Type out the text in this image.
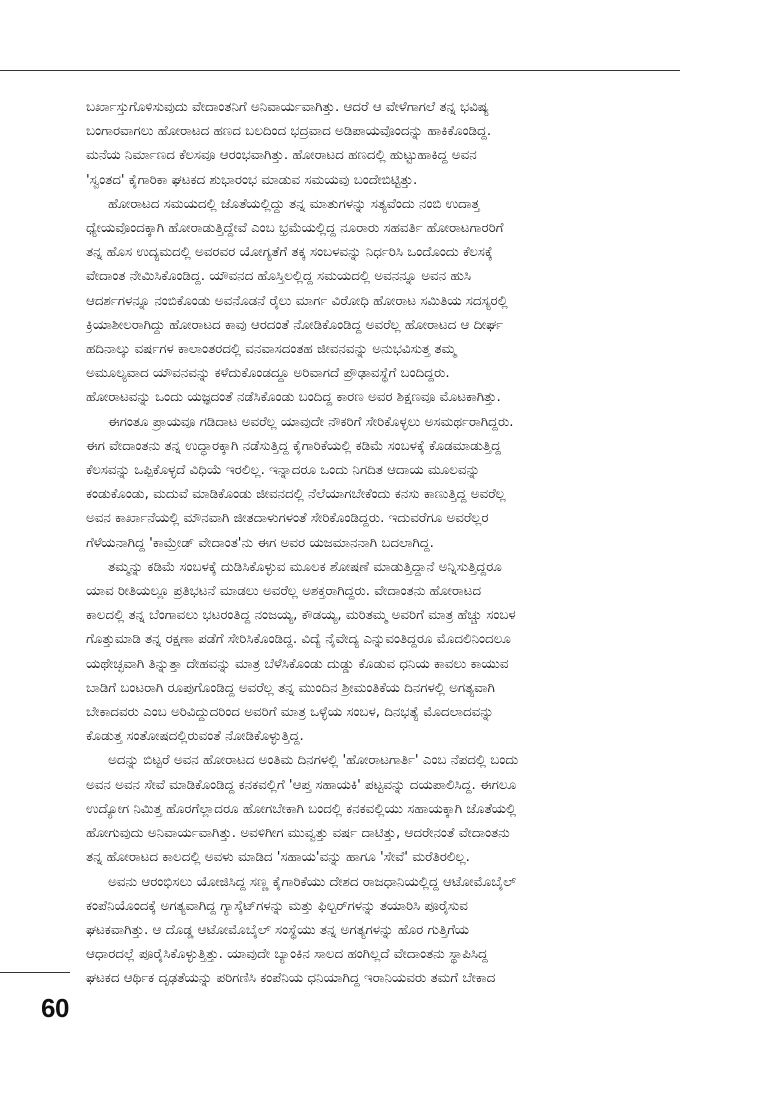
ಬರ್ಖಾಸ್ತುಗೊಳಿಸುವುದು ವೇದಾಂತನಿಗೆ ಅನಿವಾರ್ಯವಾಗಿತ್ತು. ಆದರೆ ಆ ವೇಳೆಗಾಗಲೆ ತನ್ನ ಭವಿಷ್ಯ
ಬಂಗಾರವಾಗಲು ಹೋರಾಟದ ಹಣದ ಬಲದಿಂದ ಭದ್ರವಾದ ಅಡಿಪಾಯವೊಂದನ್ನು ಹಾಕಿಕೊಂಡಿದ್ದ.
ಮನೆಯ ನಿರ್ಮಾಣದ ಕೆಲಸವೂ ಆರಂಭವಾಗಿತ್ತು. ಹೋರಾಟದ ಹಣದಲ್ಲಿ ಹುಟ್ಟುಹಾಕಿದ್ದ ಅವನ
'ಸ್ವಂತದ' ಕೈಗಾರಿಕಾ ಘಟಕದ ಶುಭಾರಂಭ ಮಾಡುವ ಸಮಯವು ಬಂದೇಬಿಟ್ಟಿತ್ತು.
ಹೋರಾಟದ ಸಮಯದಲ್ಲಿ ಜೊತೆಯಲ್ಲಿದ್ದು ತನ್ನ ಮಾತುಗಳನ್ನು ಸತ್ಯವೆಂದು ನಂಬಿ ಉದಾತ್ತ
ಧ್ಯೇಯವೊಂದಕ್ಕಾಗಿ ಹೋರಾಡುತ್ತಿದ್ದೇವೆ ಎಂಬ ಭ್ರಮೆಯಲ್ಲಿದ್ದ ನೂರಾರು ಸಹವರ್ತಿ ಹೋರಾಟಗಾರರಿಗೆ
ತನ್ನ ಹೊಸ ಉದ್ಯಮದಲ್ಲಿ ಅವರವರ ಯೋಗ್ಯತೆಗೆ ತಕ್ಕ ಸಂಬಳವನ್ನು ನಿರ್ಧರಿಸಿ ಒಂದೊಂದು ಕೆಲಸಕ್ಕೆ
ವೇದಾಂತ ನೇಮಿಸಿಕೊಂಡಿದ್ದ. ಯೌವನದ ಹೊಸ್ತಿಲಲ್ಲಿದ್ದ ಸಮಯದಲ್ಲಿ ಅವನನ್ನೂ ಅವನ ಹುಸಿ
ಆದರ್ಶಗಳನ್ನೂ ನಂಬಿಕೊಂಡು ಅವನೊಡನೆ ರೈಲು ಮಾರ್ಗ ವಿರೋಧಿ ಹೋರಾಟ ಸಮಿತಿಯ ಸದಸ್ಯರಲ್ಲಿ
ಕ್ರಿಯಾಶೀಲರಾಗಿದ್ದು ಹೋರಾಟದ ಕಾವು ಆರದಂತೆ ನೋಡಿಕೊಂಡಿದ್ದ ಅವರೆಲ್ಲ ಹೋರಾಟದ ಆ ದೀರ್ಘ
ಹದಿನಾಲ್ಕು ವರ್ಷಗಳ ಕಾಲಾಂತರದಲ್ಲಿ ವನವಾಸದಂತಹ ಜೀವನವನ್ನು ಅನುಭವಿಸುತ್ತ ತಮ್ಮ
ಅಮೂಲ್ಯವಾದ ಯೌವನವನ್ನು ಕಳೆದುಕೊಂಡದ್ದೂ ಅರಿವಾಗದೆ ಪ್ರೌಢಾವಸ್ಥೆಗೆ ಬಂದಿದ್ದರು.
ಹೋರಾಟವನ್ನು ಒಂದು ಯಜ್ಞದಂತೆ ನಡೆಸಿಕೊಂಡು ಬಂದಿದ್ದ ಕಾರಣ ಅವರ ಶಿಕ್ಷಣವೂ ಮೊಟಕಾಗಿತ್ತು.
ಈಗಂತೂ ಪ್ರಾಯವೂ ಗಡಿದಾಟ ಅವರೆಲ್ಲ ಯಾವುದೇ ನೌಕರಿಗೆ ಸೇರಿಕೊಳ್ಳಲು ಅಸಮರ್ಥರಾಗಿದ್ದರು.
ಈಗ ವೇದಾಂತನು ತನ್ನ ಉದ್ಧಾರಕ್ಕಾಗಿ ನಡೆಸುತ್ತಿದ್ದ ಕೈಗಾರಿಕೆಯಲ್ಲಿ ಕಡಿಮೆ ಸಂಬಳಕ್ಕೆ ಕೊಡಮಾಡುತ್ತಿದ್ದ
ಕೆಲಸವನ್ನು ಒಪ್ಪಿಕೊಳ್ಳದೆ ವಿಧಿಯೆ ಇರಲಿಲ್ಲ. ಇನ್ನಾದರೂ ಒಂದು ನಿಗದಿತ ಆದಾಯ ಮೂಲವನ್ನು
ಕಂಡುಕೊಂಡು, ಮದುವೆ ಮಾಡಿಕೊಂಡು ಜೀವನದಲ್ಲಿ ನೆಲೆಯಾಗಬೇಕೆಂದು ಕನಸು ಕಾಣುತ್ತಿದ್ದ ಅವರೆಲ್ಲ
ಅವನ ಕಾರ್ಖಾನೆಯಲ್ಲಿ ಮೌನವಾಗಿ ಜೀತದಾಳುಗಳಂತೆ ಸೇರಿಕೊಂಡಿದ್ದರು. ಇದುವರೆಗೂ ಅವರೆಲ್ಲರ
ಗೆಳೆಯನಾಗಿದ್ದ 'ಕಾಮ್ರೇಡ್ ವೇದಾಂತ'ನು ಈಗ ಅವರ ಯಜಮಾನನಾಗಿ ಬದಲಾಗಿದ್ದ.
ತಮ್ಮನ್ನು ಕಡಿಮೆ ಸಂಬಳಕ್ಕೆ ದುಡಿಸಿಕೊಳ್ಳುವ ಮೂಲಕ ಶೋಷಣೆ ಮಾಡುತ್ತಿದ್ದಾನೆ ಅನ್ನಿಸುತ್ತಿದ್ದರೂ
ಯಾವ ರೀತಿಯಲ್ಲೂ ಪ್ರತಿಭಟನೆ ಮಾಡಲು ಅವರೆಲ್ಲ ಅಶಕ್ತರಾಗಿದ್ದರು. ವೇದಾಂತನು ಹೋರಾಟದ
ಕಾಲದಲ್ಲಿ ತನ್ನ ಬೆಂಗಾವಲು ಭಟರಂತಿದ್ದ ನಂಜಯ್ಯ, ಕೌಡಯ್ಯ, ಮರಿತಮ್ಮ ಅವರಿಗೆ ಮಾತ್ರ ಹೆಚ್ಚು ಸಂಬಳ
ಗೊತ್ತುಮಾಡಿ ತನ್ನ ರಕ್ಷಣಾ ಪಡೆಗೆ ಸೇರಿಸಿಕೊಂಡಿದ್ದ. ವಿದ್ಯೆ ನೈವೇದ್ಯ ಎನ್ನುವಂತಿದ್ದರೂ ಮೊದಲಿನಿಂದಲೂ
ಯಥೇಚ್ಛವಾಗಿ ತಿನ್ನುತ್ತಾ ದೇಹವನ್ನು ಮಾತ್ರ ಬೆಳೆಸಿಕೊಂಡು ದುಡ್ಡು ಕೊಡುವ ಧನಿಯ ಕಾವಲು ಕಾಯುವ
ಬಾಡಿಗೆ ಬಂಟರಾಗಿ ರೂಪುಗೊಂಡಿದ್ದ ಅವರೆಲ್ಲ ತನ್ನ ಮುಂದಿನ ಶ್ರೀಮಂತಿಕೆಯ ದಿನಗಳಲ್ಲಿ ಅಗತ್ಯವಾಗಿ
ಬೇಕಾದವರು ಎಂಬ ಅರಿವಿದ್ದುದರಿಂದ ಅವರಿಗೆ ಮಾತ್ರ ಒಳ್ಳೆಯ ಸಂಬಳ, ದಿನಭತ್ಯೆ ಮೊದಲಾದವನ್ನು
ಕೊಡುತ್ತ ಸಂತೋಷದಲ್ಲಿರುವಂತೆ ನೋಡಿಕೊಳ್ಳುತ್ತಿದ್ದ.
ಅದನ್ನು ಬಿಟ್ಟರೆ ಅವನ ಹೋರಾಟದ ಅಂತಿಮ ದಿನಗಳಲ್ಲಿ 'ಹೋರಾಟಗಾರ್ತಿ' ಎಂಬ ನೆಪದಲ್ಲಿ ಬಂದು
ಅವನ ಅವನ ಸೇವೆ ಮಾಡಿಕೊಂಡಿದ್ದ ಕನಕವಲ್ಲಿಗೆ 'ಆಪ್ತ ಸಹಾಯಕಿ' ಪಟ್ಟವನ್ನು ದಯಪಾಲಿಸಿದ್ದ. ಈಗಲೂ
ಉದ್ಯೋಗ ನಿಮಿತ್ತ ಹೊರಗೆಲ್ಲಾದರೂ ಹೋಗಬೇಕಾಗಿ ಬಂದಲ್ಲಿ ಕನಕವಲ್ಲಿಯು ಸಹಾಯಕ್ಕಾಗಿ ಜೊತೆಯಲ್ಲಿ
ಹೋಗುವುದು ಅನಿವಾರ್ಯವಾಗಿತ್ತು. ಅವಳಿಗೀಗ ಮುವ್ವತ್ತು ವರ್ಷ ದಾಟಿತ್ತು, ಆದರೇನಂತೆ ವೇದಾಂತನು
ತನ್ನ ಹೋರಾಟದ ಕಾಲದಲ್ಲಿ ಅವಳು ಮಾಡಿದ 'ಸಹಾಯ'ವನ್ನು ಹಾಗೂ 'ಸೇವೆ' ಮರೆತಿರಲಿಲ್ಲ.
ಅವನು ಆರಂಭಿಸಲು ಯೋಜಿಸಿದ್ದ ಸಣ್ಣ ಕೈಗಾರಿಕೆಯು ದೇಶದ ರಾಜಧಾನಿಯಲ್ಲಿದ್ದ ಆಟೋಮೊಬೈಲ್
ಕಂಪೆನಿಯೊಂದಕ್ಕೆ ಅಗತ್ಯವಾಗಿದ್ದ ಗ್ಯಾಸ್ಕೆಟ್‌ಗಳನ್ನು ಮತ್ತು ಫಿಲ್ಟರ್‌ಗಳನ್ನು ತಯಾರಿಸಿ ಪೂರೈಸುವ
ಘಟಕವಾಗಿತ್ತು. ಆ ದೊಡ್ಡ ಆಟೋಮೊಬೈಲ್ ಸಂಸ್ಥೆಯು ತನ್ನ ಅಗತ್ಯಗಳನ್ನು ಹೊರ ಗುತ್ತಿಗೆಯ
ಆಧಾರದಲ್ಲೆ ಪೂರೈಸಿಕೊಳ್ಳುತ್ತಿತ್ತು. ಯಾವುದೇ ಬ್ಯಾಂಕಿನ ಸಾಲದ ಹಂಗಿಲ್ಲದೆ ವೇದಾಂತನು ಸ್ಥಾಪಿಸಿದ್ದ
ಘಟಕದ ಆರ್ಥಿಕ ದೃಢತೆಯನ್ನು ಪರಿಗಣಿಸಿ ಕಂಪೆನಿಯ ಧನಿಯಾಗಿದ್ದ ಇರಾನಿಯವರು ತಮಗೆ ಬೇಕಾದ
60
